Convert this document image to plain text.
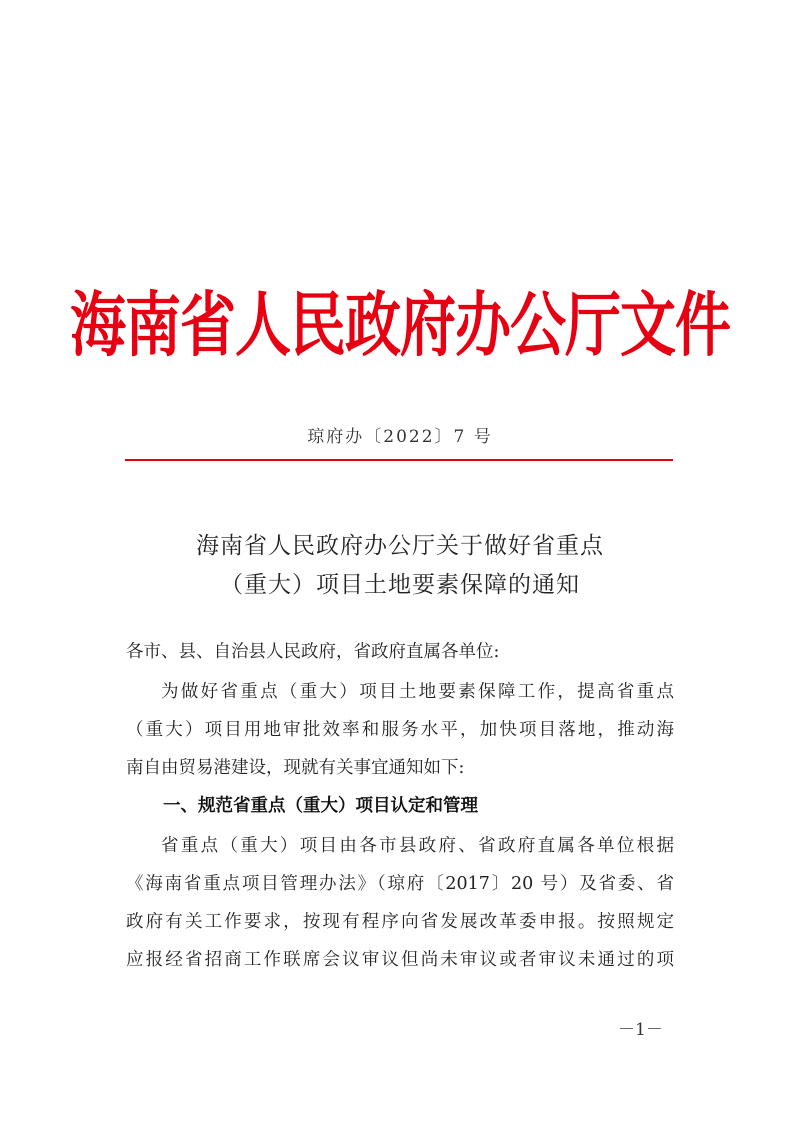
海南省人民政府办公厅文件
琼府办〔2022〕7 号
海南省人民政府办公厅关于做好省重点
（重大）项目土地要素保障的通知
各市、县、自治县人民政府，省政府直属各单位:
为做好省重点（重大）项目土地要素保障工作，提高省重点
（重大）项目用地审批效率和服务水平，加快项目落地，推动海
南自由贸易港建设，现就有关事宜通知如下:
一、规范省重点（重大）项目认定和管理
省重点（重大）项目由各市县政府、省政府直属各单位根据
《海南省重点项目管理办法》（琼府〔2017〕20 号）及省委、省
政府有关工作要求，按现有程序向省发展改革委申报。按照规定
应报经省招商工作联席会议审议但尚未审议或者审议未通过的项
－1－
